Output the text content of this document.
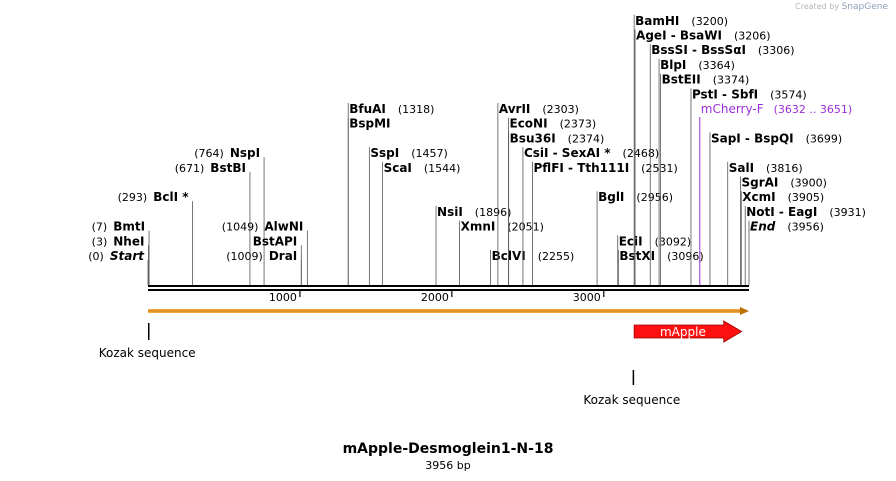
Created by SnapGene
1000	2000	3000
mApple
Kozak sequence
Kozak sequence
Start
(0)
NheI
(3)
BmtI
(7)
BclI *
(293)
BstBI
(671)
NspI
(764)
DraI
(1009)
BstAPI
AlwNI
(1049)
BspMI
BfuAI (1318)
SspI (1457)
ScaI (1544)
NsiI (1896)
XmnI (2051)
BclVI (2255)
AvrII (2303)
EcoNI (2373)
Bsu36I (2374)
CsiI - SexAI * (2468)
PflFI - Tth111I (2531)
BglI (2956)
EciI (3092)
BstXI (3096)
BamHI (3200)
AgeI - BsaWI (3206)
BssSI - BssSαI (3306)
BlpI (3364)
BstEII (3374)
PstI - SbfI (3574)
SapI - BspQI (3699)
SalI (3816)
SgrAI (3900)
XcmI (3905)
NotI - EagI (3931)
End (3956)
mCherry-F (3632 .. 3651)
mApple-Desmoglein1-N-18
3956 bp
